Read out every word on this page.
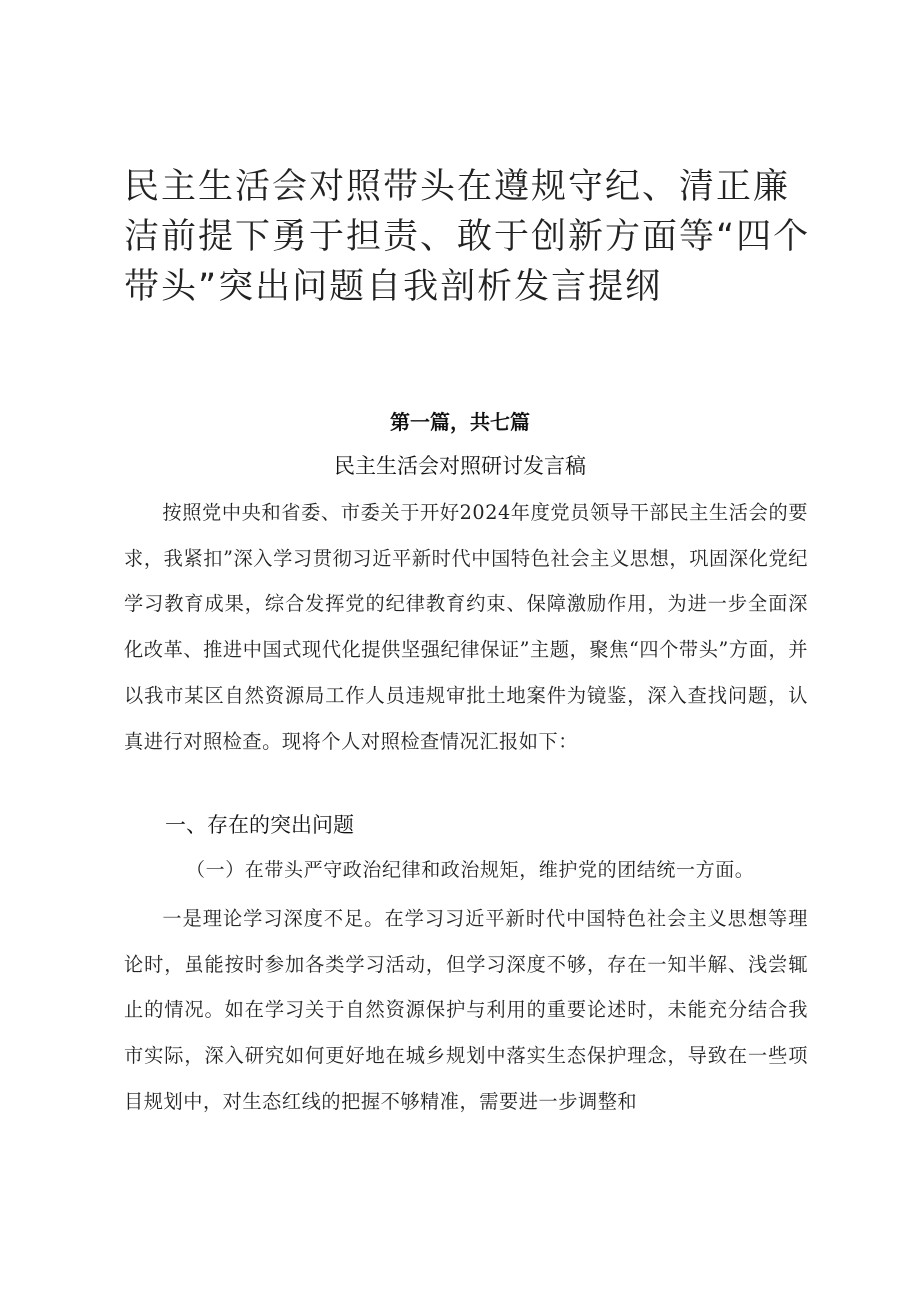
民主生活会对照带头在遵规守纪、清正廉洁前提下勇于担责、敢于创新方面等“四个带头”突出问题自我剖析发言提纲
第一篇，共七篇
民主生活会对照研讨发言稿

按照党中央和省委、市委关于开好2024年度党员领导干部民主生活会的要求，我紧扣”深入学习贯彻习近平新时代中国特色社会主义思想，巩固深化党纪学习教育成果，综合发挥党的纪律教育约束、保障激励作用，为进一步全面深化改革、推进中国式现代化提供坚强纪律保证”主题，聚焦“四个带头”方面，并以我市某区自然资源局工作人员违规审批土地案件为镜鉴，深入查找问题，认真进行对照检查。现将个人对照检查情况汇报如下：

一、存在的突出问题
（一）在带头严守政治纪律和政治规矩，维护党的团结统一方面。

一是理论学习深度不足。在学习习近平新时代中国特色社会主义思想等理论时，虽能按时参加各类学习活动，但学习深度不够，存在一知半解、浅尝辄止的情况。如在学习关于自然资源保护与利用的重要论述时，未能充分结合我市实际，深入研究如何更好地在城乡规划中落实生态保护理念，导致在一些项目规划中，对生态红线的把握不够精准，需要进一步调整和
